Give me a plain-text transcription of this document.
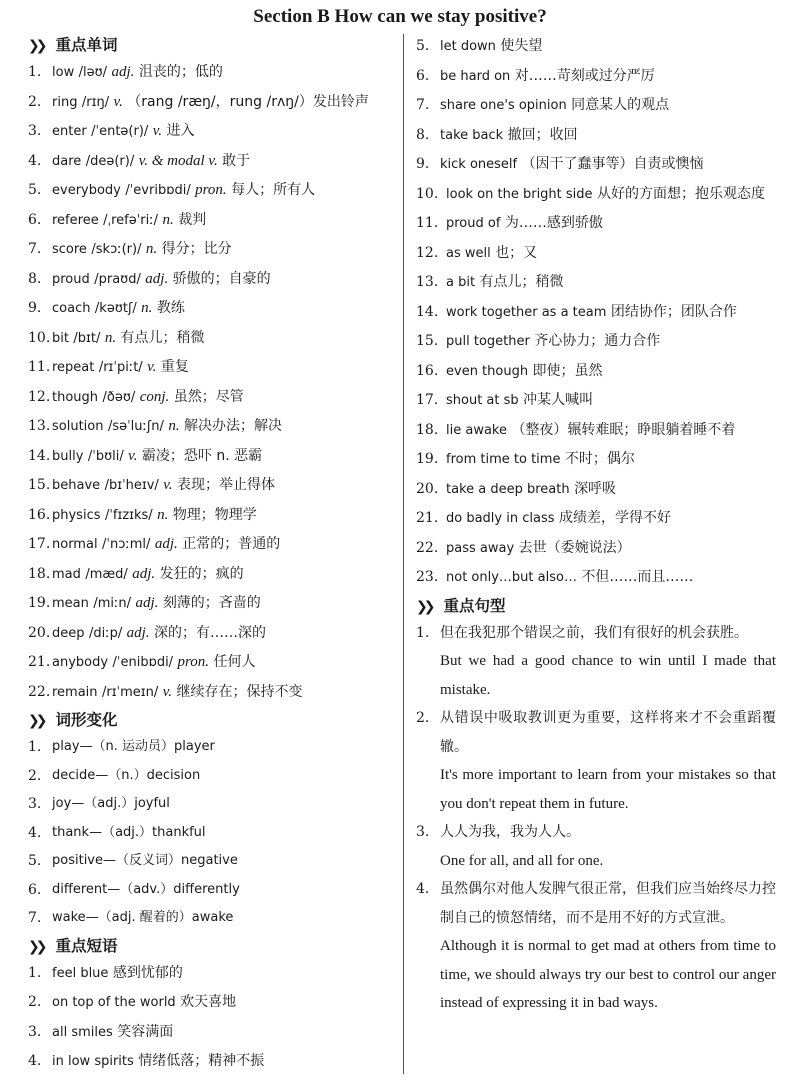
Section B How can we stay positive?
❯❯ 重点单词
1. low /ləʊ/ adj. 沮丧的；低的
2. ring /rɪŋ/ v. （rang /ræŋ/，rung /rʌŋ/）发出铃声
3. enter /ˈentə(r)/ v. 进入
4. dare /deə(r)/ v. & modal v. 敢于
5. everybody /ˈevribɒdi/ pron. 每人；所有人
6. referee /ˌrefəˈriː/ n. 裁判
7. score /skɔː(r)/ n. 得分；比分
8. proud /praʊd/ adj. 骄傲的；自豪的
9. coach /kəʊtʃ/ n. 教练
10. bit /bɪt/ n. 有点儿；稍微
11. repeat /rɪˈpiːt/ v. 重复
12. though /ðəʊ/ conj. 虽然；尽管
13. solution /səˈluːʃn/ n. 解决办法；解决
14. bully /ˈbʊli/ v. 霸凌；恐吓 n. 恶霸
15. behave /bɪˈheɪv/ v. 表现；举止得体
16. physics /ˈfɪzɪks/ n. 物理；物理学
17. normal /ˈnɔːml/ adj. 正常的；普通的
18. mad /mæd/ adj. 发狂的；疯的
19. mean /miːn/ adj. 刻薄的；吝啬的
20. deep /diːp/ adj. 深的；有……深的
21. anybody /ˈenibɒdi/ pron. 任何人
22. remain /rɪˈmeɪn/ v. 继续存在；保持不变
❯❯ 词形变化
1. play—（n. 运动员）player
2. decide—（n.）decision
3. joy—（adj.）joyful
4. thank—（adj.）thankful
5. positive—（反义词）negative
6. different—（adv.）differently
7. wake—（adj. 醒着的）awake
❯❯ 重点短语
1. feel blue 感到忧郁的
2. on top of the world 欢天喜地
3. all smiles 笑容满面
4. in low spirits 情绪低落；精神不振
5. let down 使失望
6. be hard on 对……苛刻或过分严厉
7. share one's opinion 同意某人的观点
8. take back 撤回；收回
9. kick oneself （因干了蠢事等）自责或懊恼
10. look on the bright side 从好的方面想；抱乐观态度
11. proud of 为……感到骄傲
12. as well 也；又
13. a bit 有点儿；稍微
14. work together as a team 团结协作；团队合作
15. pull together 齐心协力；通力合作
16. even though 即使；虽然
17. shout at sb 冲某人喊叫
18. lie awake （整夜）辗转难眠；睁眼躺着睡不着
19. from time to time 不时；偶尔
20. take a deep breath 深呼吸
21. do badly in class 成绩差，学得不好
22. pass away 去世（委婉说法）
23. not only…but also… 不但……而且……
❯❯ 重点句型
1. 但在我犯那个错误之前，我们有很好的机会获胜。
But we had a good chance to win until I made that mistake.
2. 从错误中吸取教训更为重要，这样将来才不会重蹈覆辙。
It's more important to learn from your mistakes so that you don't repeat them in future.
3. 人人为我，我为人人。
One for all, and all for one.
4. 虽然偶尔对他人发脾气很正常，但我们应当始终尽力控制自己的愤怒情绪，而不是用不好的方式宣泄。
Although it is normal to get mad at others from time to time, we should always try our best to control our anger instead of expressing it in bad ways.
